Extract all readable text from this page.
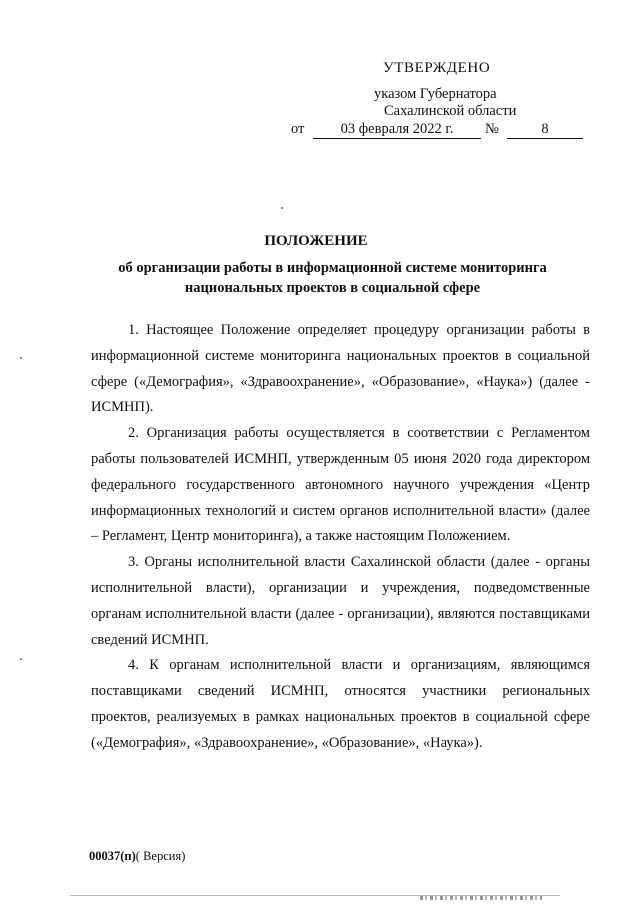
УТВЕРЖДЕНО
указом Губернатора
Сахалинской области
от	03 февраля 2022 г.	№	8
ПОЛОЖЕНИЕ
об организации работы в информационной системе мониторинга национальных проектов в социальной сфере

1. Настоящее Положение определяет процедуру организации работы в информационной системе мониторинга национальных проектов в социальной сфере («Демография», «Здравоохранение», «Образование», «Наука») (далее - ИСМНП).

2. Организация работы осуществляется в соответствии с Регламентом работы пользователей ИСМНП, утвержденным 05 июня 2020 года директором федерального государственного автономного научного учреждения «Центр информационных технологий и систем органов исполнительной власти» (далее – Регламент, Центр мониторинга), а также настоящим Положением.

3. Органы исполнительной власти Сахалинской области (далее - органы исполнительной власти), организации и учреждения, подведомственные органам исполнительной власти (далее - организации), являются поставщиками сведений ИСМНП.

4. К органам исполнительной власти и организациям, являющимся поставщиками сведений ИСМНП, относятся участники региональных проектов, реализуемых в рамках национальных проектов в социальной сфере («Демография», «Здравоохранение», «Образование», «Наука»).

00037(п)( Версия)
